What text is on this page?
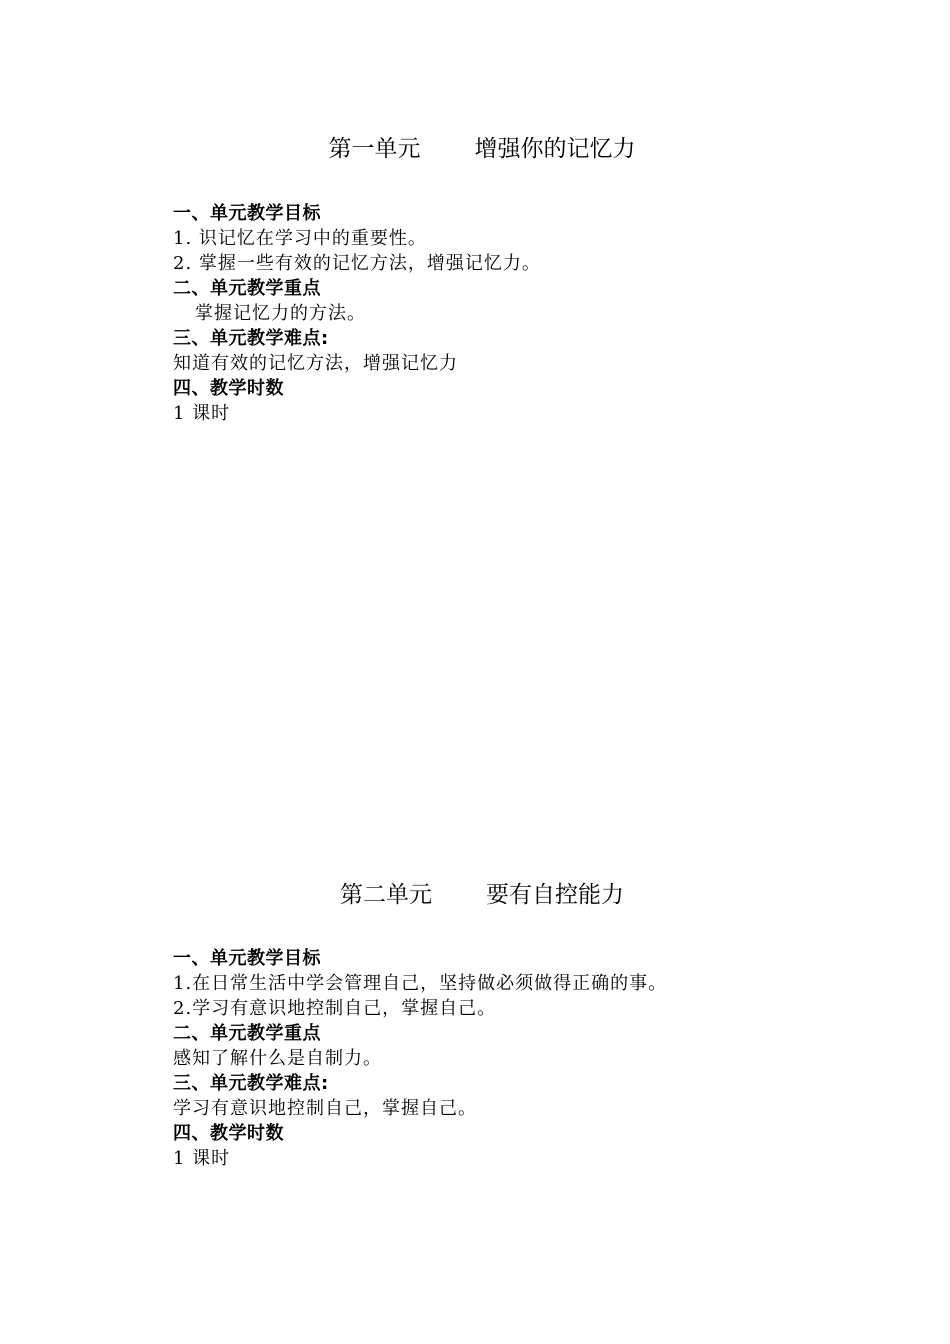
第一单元 增强你的记忆力
一、单元教学目标
1. 识记忆在学习中的重要性。
2. 掌握一些有效的记忆方法，增强记忆力。
二、单元教学重点
掌握记忆力的方法。
三、单元教学难点:
知道有效的记忆方法，增强记忆力
四、教学时数
1 课时
第二单元 要有自控能力
一、单元教学目标
1.在日常生活中学会管理自己，坚持做必须做得正确的事。
2.学习有意识地控制自己，掌握自己。
二、单元教学重点
感知了解什么是自制力。
三、单元教学难点:
学习有意识地控制自己，掌握自己。
四、教学时数
1 课时
